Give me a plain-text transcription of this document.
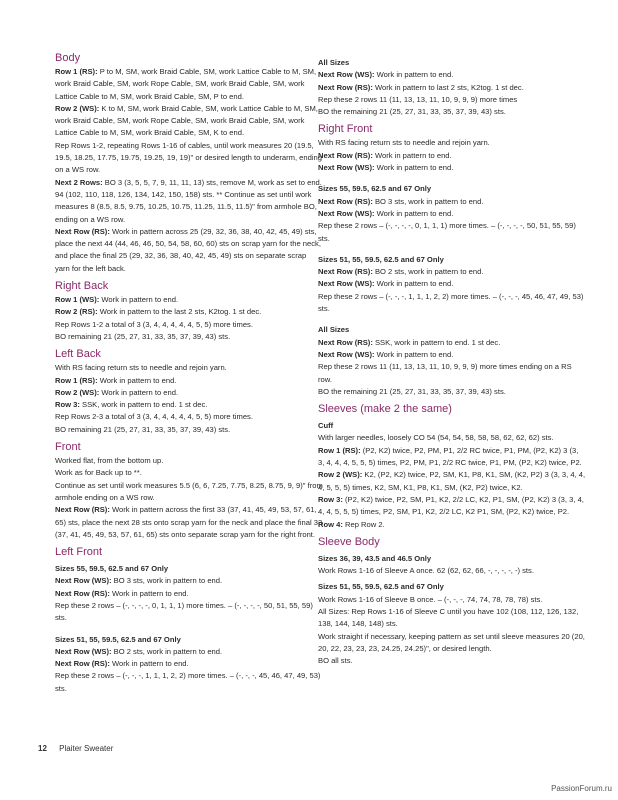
Body
Row 1 (RS): P to M, SM, work Braid Cable, SM, work Lattice Cable to M, SM, work Braid Cable, SM, work Rope Cable, SM, work Braid Cable, SM, work Lattice Cable to M, SM, work Braid Cable, SM, P to end.
Row 2 (WS): K to M, SM, work Braid Cable, SM, work Lattice Cable to M, SM, work Braid Cable, SM, work Rope Cable, SM, work Braid Cable, SM, work Lattice Cable to M, SM, work Braid Cable, SM, K to end.
Rep Rows 1-2, repeating Rows 1-16 of cables, until work measures 20 (19.5, 19.5, 18.25, 17.75, 19.75, 19.25, 19, 19)" or desired length to underarm, ending on a WS row.
Next 2 Rows: BO 3 (3, 5, 5, 7, 9, 11, 11, 13) sts, remove M, work as set to end. 94 (102, 110, 118, 126, 134, 142, 150, 158) sts. ** Continue as set until work measures 8 (8.5, 8.5, 9.75, 10.25, 10.75, 11.25, 11.5, 11.5)" from armhole BO, ending on a WS row.
Next Row (RS): Work in pattern across 25 (29, 32, 36, 38, 40, 42, 45, 49) sts, place the next 44 (44, 46, 46, 50, 54, 58, 60, 60) sts on scrap yarn for the neck, and place the final 25 (29, 32, 36, 38, 40, 42, 45, 49) sts on separate scrap yarn for the left back.
Right Back
Row 1 (WS): Work in pattern to end.
Row 2 (RS): Work in pattern to the last 2 sts, K2tog. 1 st dec.
Rep Rows 1-2 a total of 3 (3, 4, 4, 4, 4, 4, 5, 5) more times.
BO remaining 21 (25, 27, 31, 33, 35, 37, 39, 43) sts.
Left Back
With RS facing return sts to needle and rejoin yarn.
Row 1 (RS): Work in pattern to end.
Row 2 (WS): Work in pattern to end.
Row 3: SSK, work in pattern to end. 1 st dec.
Rep Rows 2-3 a total of 3 (3, 4, 4, 4, 4, 4, 5, 5) more times.
BO remaining 21 (25, 27, 31, 33, 35, 37, 39, 43) sts.
Front
Worked flat, from the bottom up.
Work as for Back up to **.
Continue as set until work measures 5.5 (6, 6, 7.25, 7.75, 8.25, 8.75, 9, 9)" from armhole ending on a WS row.
Next Row (RS): Work in pattern across the first 33 (37, 41, 45, 49, 53, 57, 61, 65) sts, place the next 28 sts onto scrap yarn for the neck and place the final 33 (37, 41, 45, 49, 53, 57, 61, 65) sts onto separate scrap yarn for the right front.
Left Front
Sizes 55, 59.5, 62.5 and 67 Only
Next Row (WS): BO 3 sts, work in pattern to end.
Next Row (RS): Work in pattern to end.
Rep these 2 rows – (-, -, -, -, 0, 1, 1, 1) more times. – (-, -, -, -, 50, 51, 55, 59) sts.
Sizes 51, 55, 59.5, 62.5 and 67 Only
Next Row (WS): BO 2 sts, work in pattern to end.
Next Row (RS): Work in pattern to end.
Rep these 2 rows – (-, -, -, 1, 1, 1, 2, 2) more times. – (-, -, -, 45, 46, 47, 49, 53) sts.
All Sizes
Next Row (WS): Work in pattern to end.
Next Row (RS): Work in pattern to last 2 sts, K2tog. 1 st dec.
Rep these 2 rows 11 (11, 13, 13, 11, 10, 9, 9, 9) more times
BO the remaining 21 (25, 27, 31, 33, 35, 37, 39, 43) sts.
Right Front
With RS facing return sts to needle and rejoin yarn.
Next Row (RS): Work in pattern to end.
Next Row (WS): Work in pattern to end.
Sizes 55, 59.5, 62.5 and 67 Only
Next Row (RS): BO 3 sts, work in pattern to end.
Next Row (WS): Work in pattern to end.
Rep these 2 rows – (-, -, -, -, 0, 1, 1, 1) more times. – (-, -, -, -, 50, 51, 55, 59) sts.
Sizes 51, 55, 59.5, 62.5 and 67 Only
Next Row (RS): BO 2 sts, work in pattern to end.
Next Row (WS): Work in pattern to end.
Rep these 2 rows – (-, -, -, 1, 1, 1, 2, 2) more times. – (-, -, -, 45, 46, 47, 49, 53) sts.
All Sizes
Next Row (RS): SSK, work in pattern to end. 1 st dec.
Next Row (WS): Work in pattern to end.
Rep these 2 rows 11 (11, 13, 13, 11, 10, 9, 9, 9) more times ending on a RS row.
BO the remaining 21 (25, 27, 31, 33, 35, 37, 39, 43) sts.
Sleeves (make 2 the same)
Cuff
With larger needles, loosely CO 54 (54, 54, 58, 58, 58, 62, 62, 62) sts.
Row 1 (RS): (P2, K2) twice, P2, PM, P1, 2/2 RC twice, P1, PM, (P2, K2) 3 (3, 3, 4, 4, 4, 5, 5, 5) times, P2, PM, P1, 2/2 RC twice, P1, PM, (P2, K2) twice, P2.
Row 2 (WS): K2, (P2, K2) twice, P2, SM, K1, P8, K1, SM, (K2, P2) 3 (3, 3, 4, 4, 4, 5, 5, 5) times, K2, SM, K1, P8, K1, SM, (K2, P2) twice, K2.
Row 3: (P2, K2) twice, P2, SM, P1, K2, 2/2 LC, K2, P1, SM, (P2, K2) 3 (3, 3, 4, 4, 4, 5, 5, 5) times, P2, SM, P1, K2, 2/2 LC, K2 P1, SM, (P2, K2) twice, P2.
Row 4: Rep Row 2.
Sleeve Body
Sizes 36, 39, 43.5 and 46.5 Only
Work Rows 1-16 of Sleeve A once. 62 (62, 62, 66, -, -, -, -, -) sts.
Sizes 51, 55, 59.5, 62.5 and 67 Only
Work Rows 1-16 of Sleeve B once. – (-, -, -, 74, 74, 78, 78, 78) sts.
All Sizes: Rep Rows 1-16 of Sleeve C until you have 102 (108, 112, 126, 132, 138, 144, 148, 148) sts.
Work straight if necessary, keeping pattern as set until sleeve measures 20 (20, 20, 22, 23, 23, 23, 24.25, 24.25)", or desired length.
BO all sts.
12 Plaiter Sweater
PassionForum.ru
